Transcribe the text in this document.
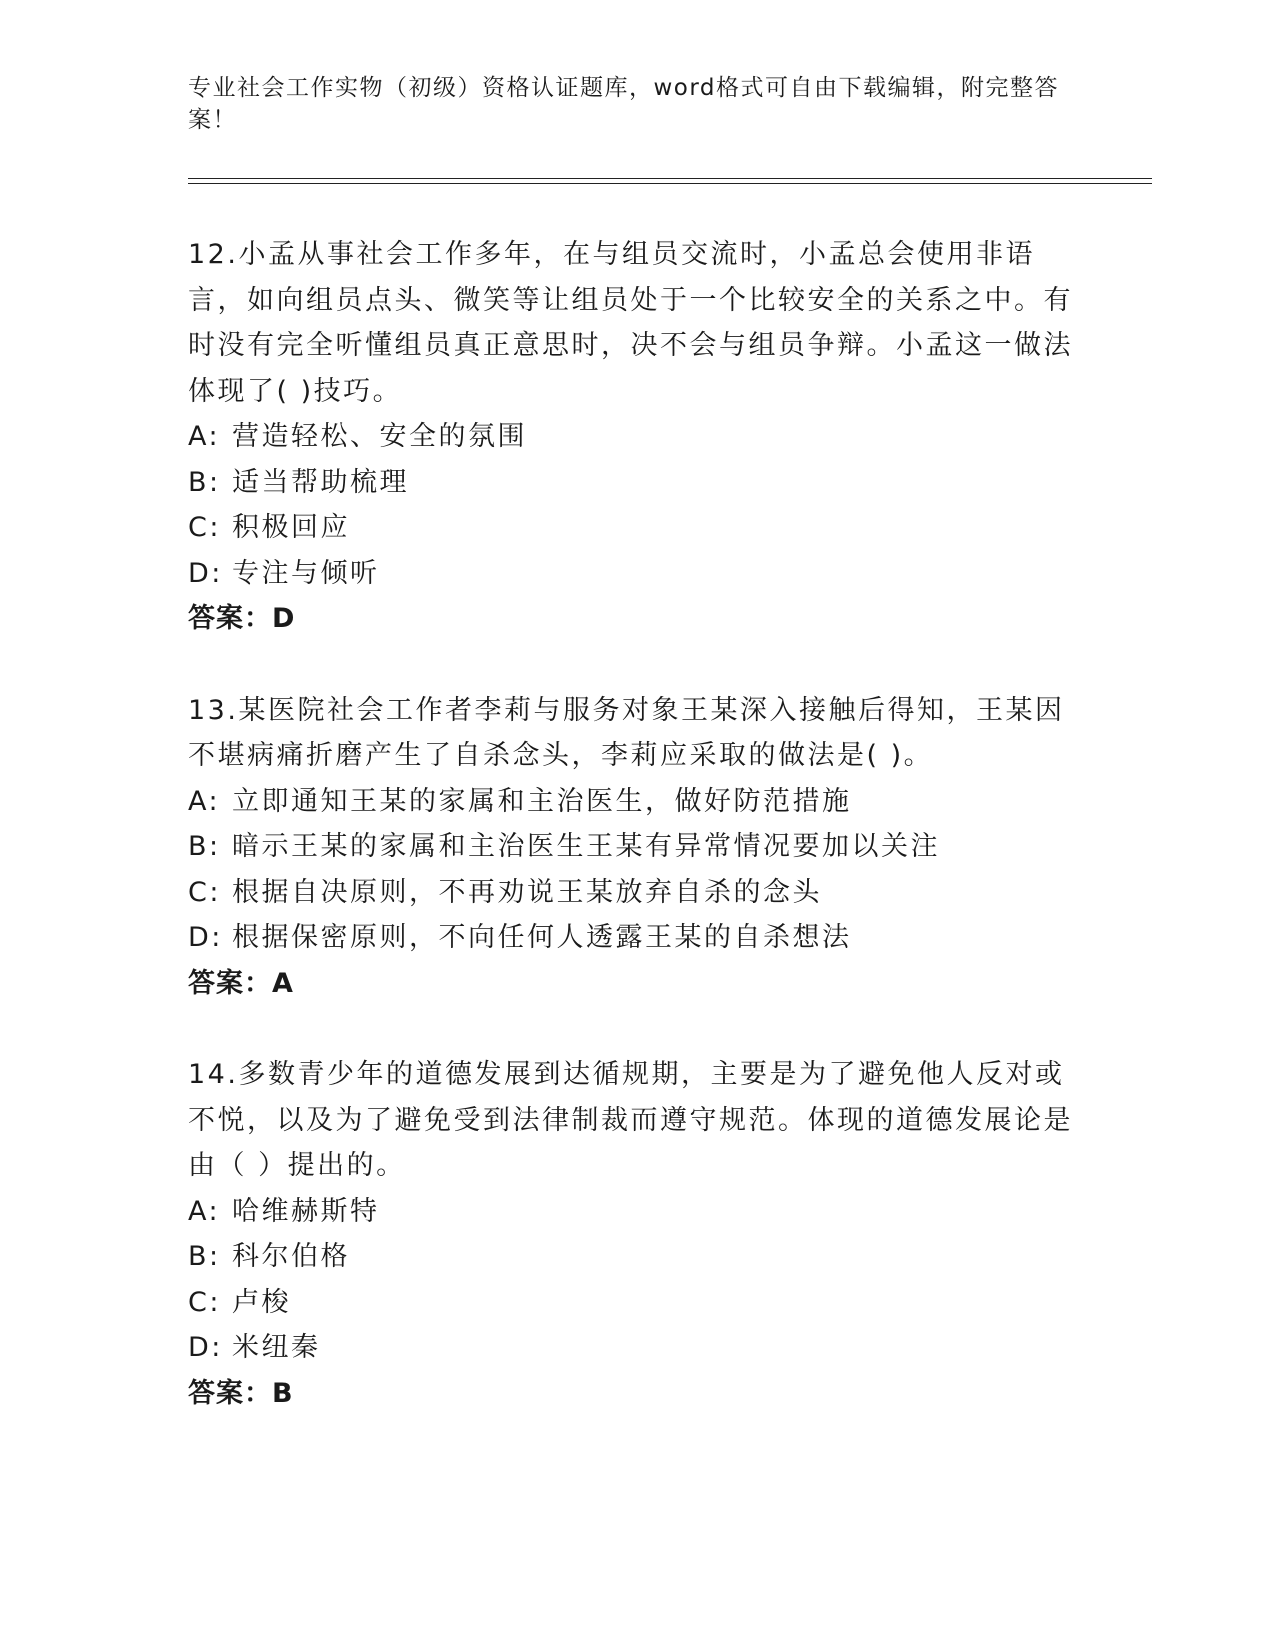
专业社会工作实物（初级）资格认证题库，word格式可自由下载编辑，附完整答案！

12.小孟从事社会工作多年，在与组员交流时，小孟总会使用非语言，如向组员点头、微笑等让组员处于一个比较安全的关系之中。有时没有完全听懂组员真正意思时，决不会与组员争辩。小孟这一做法体现了( )技巧。

A: 营造轻松、安全的氛围

B: 适当帮助梳理

C: 积极回应

D: 专注与倾听

答案：D

13.某医院社会工作者李莉与服务对象王某深入接触后得知，王某因不堪病痛折磨产生了自杀念头，李莉应采取的做法是( )。

A: 立即通知王某的家属和主治医生，做好防范措施

B: 暗示王某的家属和主治医生王某有异常情况要加以关注

C: 根据自决原则，不再劝说王某放弃自杀的念头

D: 根据保密原则，不向任何人透露王某的自杀想法

答案：A

14.多数青少年的道德发展到达循规期，主要是为了避免他人反对或不悦，以及为了避免受到法律制裁而遵守规范。体现的道德发展论是由（ ）提出的。

A: 哈维赫斯特

B: 科尔伯格

C: 卢梭

D: 米纽秦

答案：B
